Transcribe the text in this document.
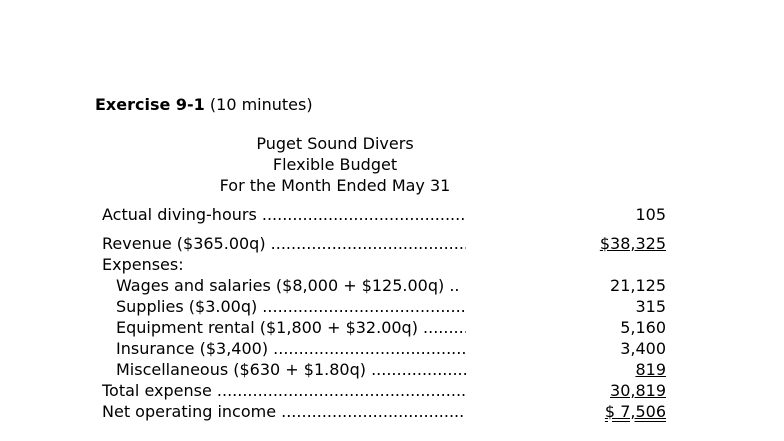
Exercise 9-1 (10 minutes)
Puget Sound Divers
Flexible Budget
For the Month Ended May 31
Actual diving-hours .....	105
Revenue ($365.00q) .....	$38,325
Expenses:
Wages and salaries ($8,000 + $125.00q) ..	21,125
Supplies ($3.00q) .....	315
Equipment rental ($1,800 + $32.00q) .....	5,160
Insurance ($3,400) .....	3,400
Miscellaneous ($630 + $1.80q) .....	819
Total expense .....	30,819
Net operating income .....	$ 7,506
